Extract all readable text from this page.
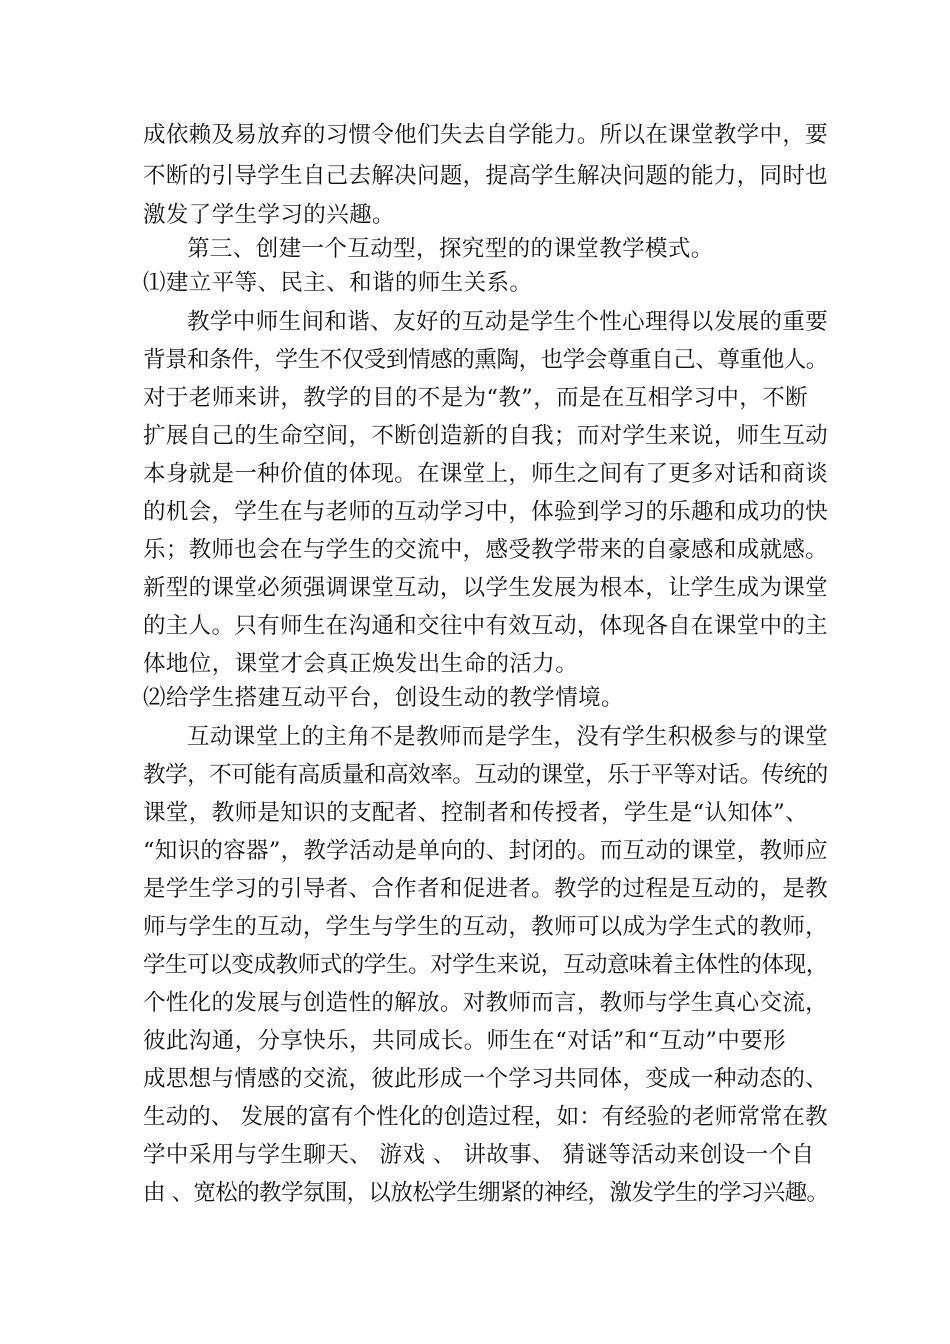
成依赖及易放弃的习惯令他们失去自学能力。所以在课堂教学中，要
不断的引导学生自己去解决问题，提高学生解决问题的能力，同时也
激发了学生学习的兴趣。
第三、创建一个互动型，探究型的的课堂教学模式。
⑴建立平等、民主、和谐的师生关系。
教学中师生间和谐、友好的互动是学生个性心理得以发展的重要
背景和条件，学生不仅受到情感的熏陶，也学会尊重自己、尊重他人。
对于老师来讲，教学的目的不是为“教”，而是在互相学习中，不断
扩展自己的生命空间，不断创造新的自我；而对学生来说，师生互动
本身就是一种价值的体现。在课堂上，师生之间有了更多对话和商谈
的机会，学生在与老师的互动学习中，体验到学习的乐趣和成功的快
乐；教师也会在与学生的交流中，感受教学带来的自豪感和成就感。
新型的课堂必须强调课堂互动，以学生发展为根本，让学生成为课堂
的主人。只有师生在沟通和交往中有效互动，体现各自在课堂中的主
体地位，课堂才会真正焕发出生命的活力。
⑵给学生搭建互动平台，创设生动的教学情境。
互动课堂上的主角不是教师而是学生，没有学生积极参与的课堂
教学，不可能有高质量和高效率。互动的课堂，乐于平等对话。传统的
课堂，教师是知识的支配者、控制者和传授者，学生是“认知体”、
“知识的容器”，教学活动是单向的、封闭的。而互动的课堂，教师应
是学生学习的引导者、合作者和促进者。教学的过程是互动的，是教
师与学生的互动，学生与学生的互动，教师可以成为学生式的教师，
学生可以变成教师式的学生。对学生来说，互动意味着主体性的体现，
个性化的发展与创造性的解放。对教师而言，教师与学生真心交流，
彼此沟通，分享快乐，共同成长。师生在“对话”和“互动”中要形
成思想与情感的交流，彼此形成一个学习共同体，变成一种动态的、
生动的、 发展的富有个性化的创造过程，如：有经验的老师常常在教
学中采用与学生聊天、 游戏 、 讲故事、 猜谜等活动来创设一个自
由 、宽松的教学氛围，以放松学生绷紧的神经，激发学生的学习兴趣。
